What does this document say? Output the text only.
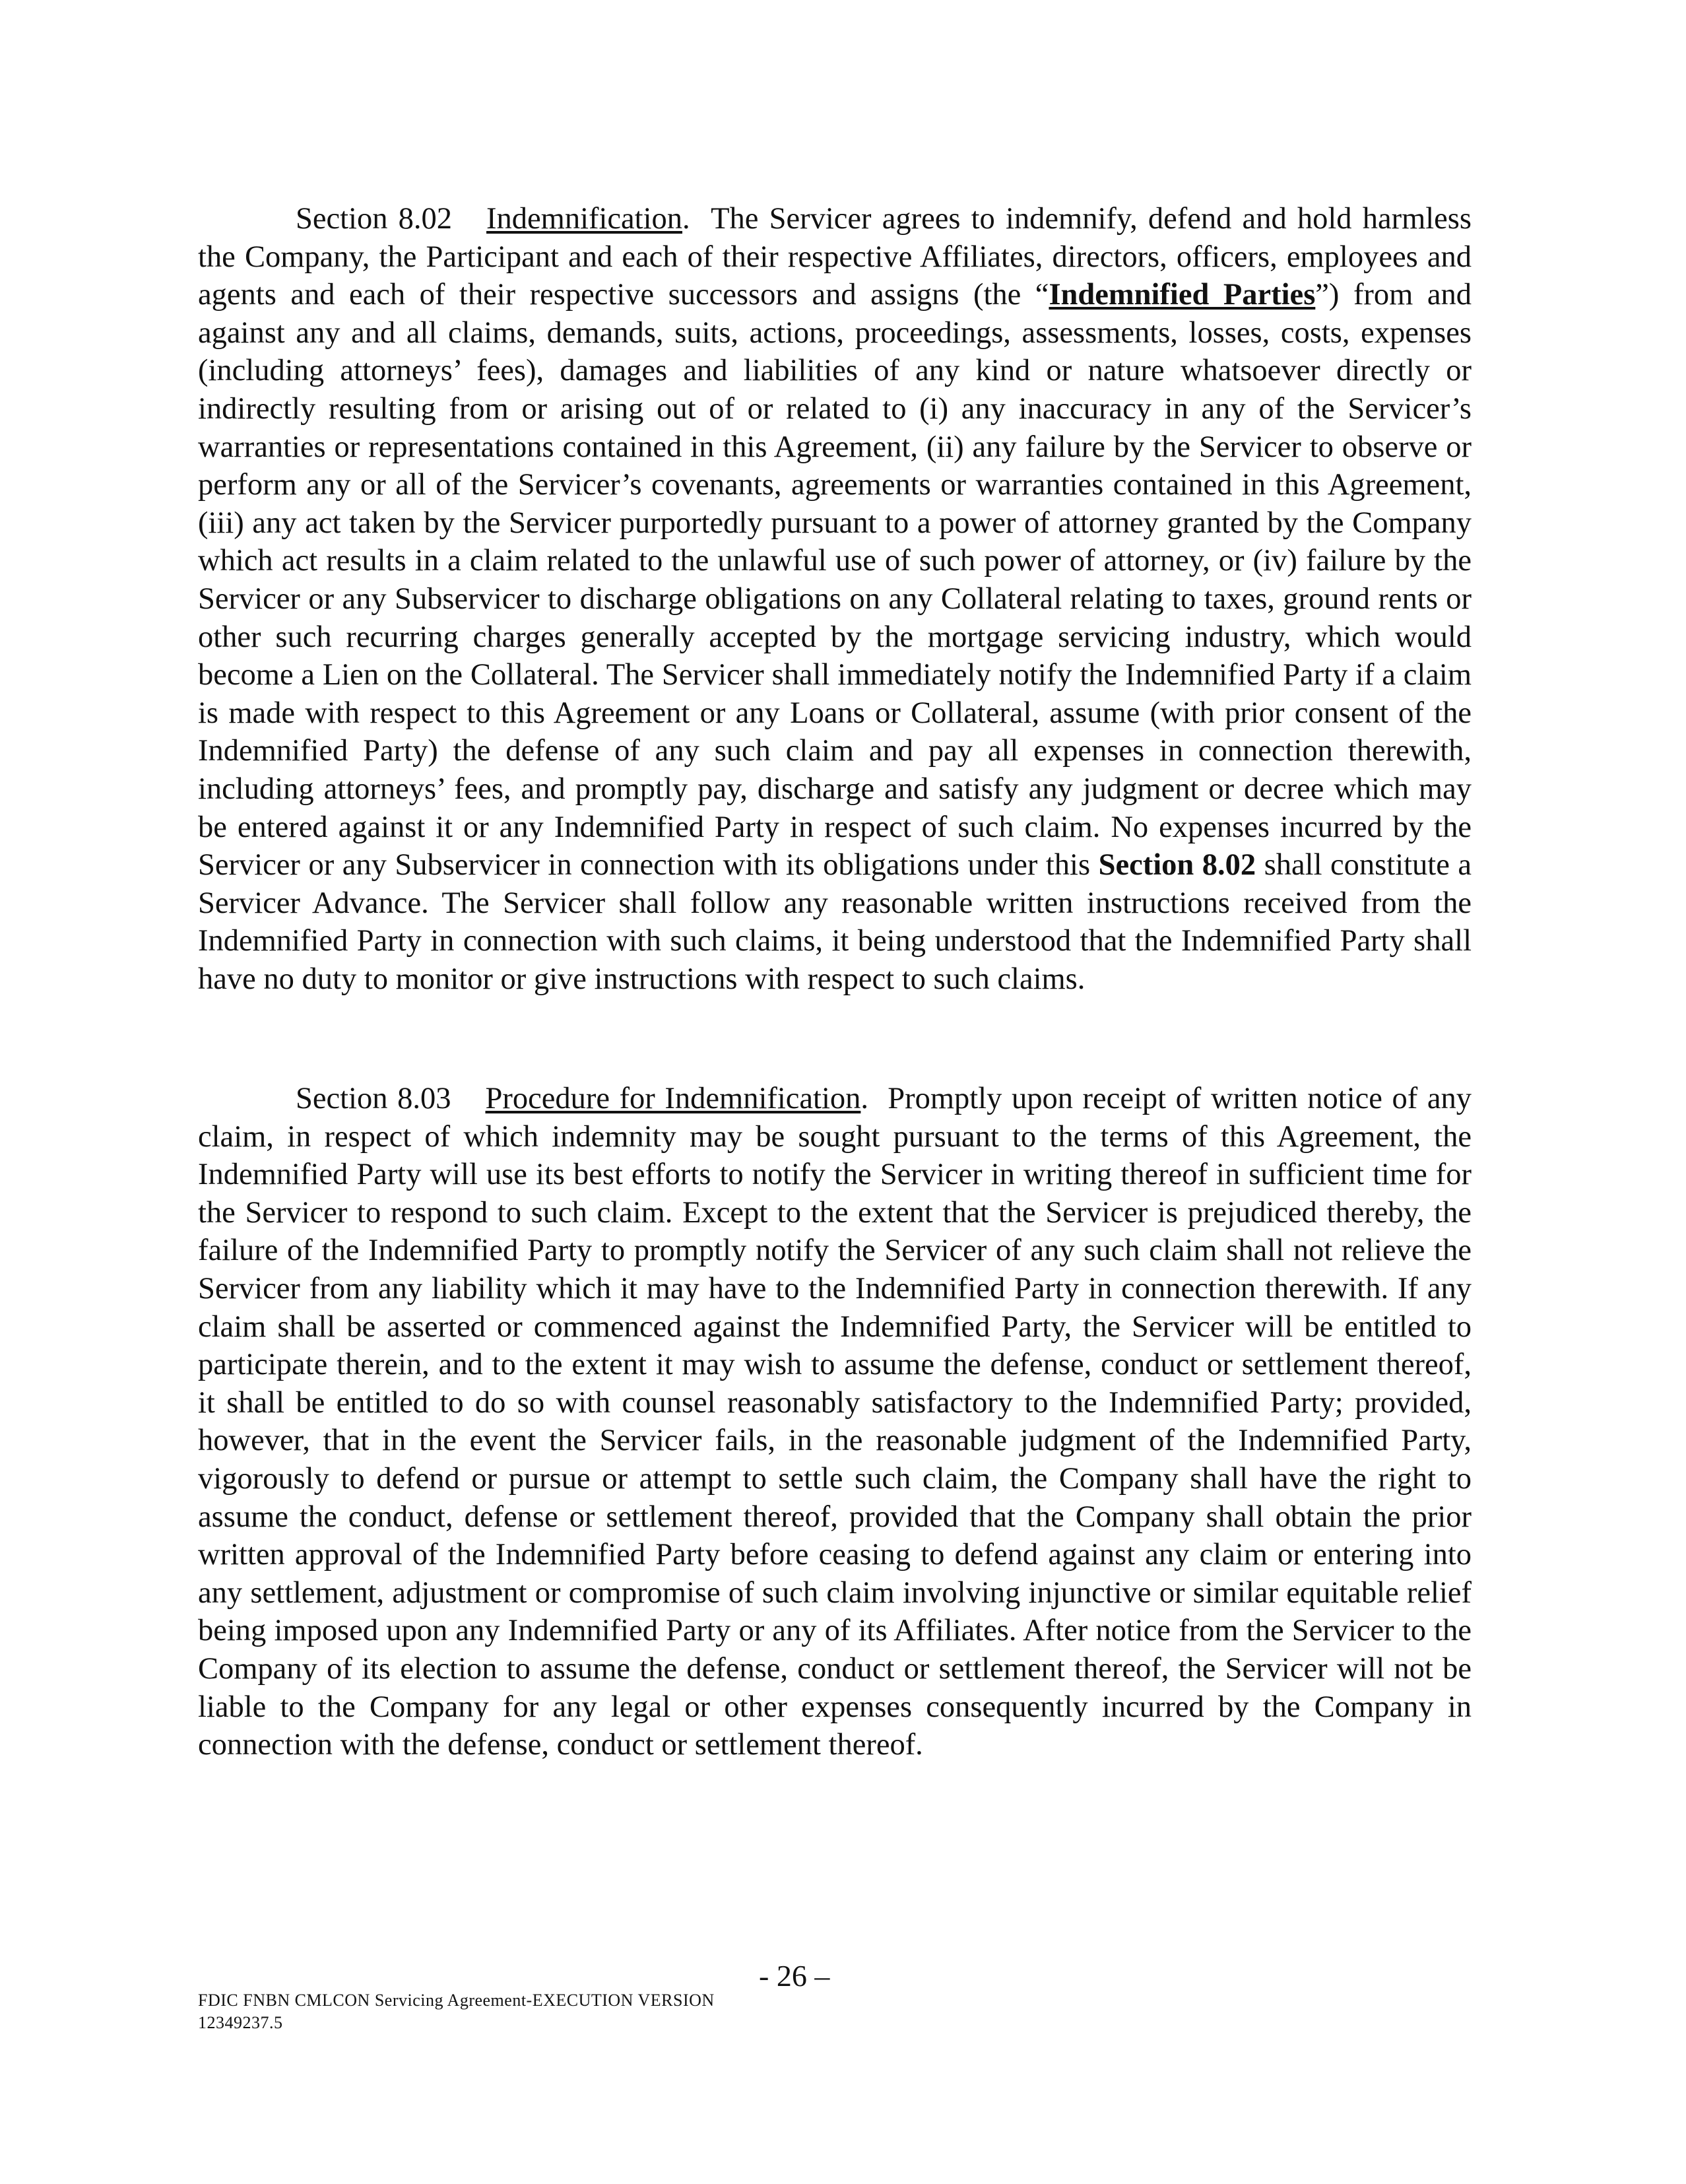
Section 8.02 Indemnification.  The Servicer agrees to indemnify, defend and hold harmless the Company, the Participant and each of their respective Affiliates, directors, officers, employees and agents and each of their respective successors and assigns (the “Indemnified Parties”) from and against any and all claims, demands, suits, actions, proceedings, assessments, losses, costs, expenses (including attorneys’ fees), damages and liabilities of any kind or nature whatsoever directly or indirectly resulting from or arising out of or related to (i) any inaccuracy in any of the Servicer’s warranties or representations contained in this Agreement, (ii) any failure by the Servicer to observe or perform any or all of the Servicer’s covenants, agreements or warranties contained in this Agreement, (iii) any act taken by the Servicer purportedly pursuant to a power of attorney granted by the Company which act results in a claim related to the unlawful use of such power of attorney, or (iv) failure by the Servicer or any Subservicer to discharge obligations on any Collateral relating to taxes, ground rents or other such recurring charges generally accepted by the mortgage servicing industry, which would become a Lien on the Collateral. The Servicer shall immediately notify the Indemnified Party if a claim is made with respect to this Agreement or any Loans or Collateral, assume (with prior consent of the Indemnified Party) the defense of any such claim and pay all expenses in connection therewith, including attorneys’ fees, and promptly pay, discharge and satisfy any judgment or decree which may be entered against it or any Indemnified Party in respect of such claim. No expenses incurred by the Servicer or any Subservicer in connection with its obligations under this Section 8.02 shall constitute a Servicer Advance. The Servicer shall follow any reasonable written instructions received from the Indemnified Party in connection with such claims, it being understood that the Indemnified Party shall have no duty to monitor or give instructions with respect to such claims.

Section 8.03 Procedure for Indemnification.  Promptly upon receipt of written notice of any claim, in respect of which indemnity may be sought pursuant to the terms of this Agreement, the Indemnified Party will use its best efforts to notify the Servicer in writing thereof in sufficient time for the Servicer to respond to such claim. Except to the extent that the Servicer is prejudiced thereby, the failure of the Indemnified Party to promptly notify the Servicer of any such claim shall not relieve the Servicer from any liability which it may have to the Indemnified Party in connection therewith. If any claim shall be asserted or commenced against the Indemnified Party, the Servicer will be entitled to participate therein, and to the extent it may wish to assume the defense, conduct or settlement thereof, it shall be entitled to do so with counsel reasonably satisfactory to the Indemnified Party; provided, however, that in the event the Servicer fails, in the reasonable judgment of the Indemnified Party, vigorously to defend or pursue or attempt to settle such claim, the Company shall have the right to assume the conduct, defense or settlement thereof, provided that the Company shall obtain the prior written approval of the Indemnified Party before ceasing to defend against any claim or entering into any settlement, adjustment or compromise of such claim involving injunctive or similar equitable relief being imposed upon any Indemnified Party or any of its Affiliates. After notice from the Servicer to the Company of its election to assume the defense, conduct or settlement thereof, the Servicer will not be liable to the Company for any legal or other expenses consequently incurred by the Company in connection with the defense, conduct or settlement thereof.

- 26 –

FDIC FNBN CMLCON Servicing Agreement-EXECUTION VERSION
12349237.5
